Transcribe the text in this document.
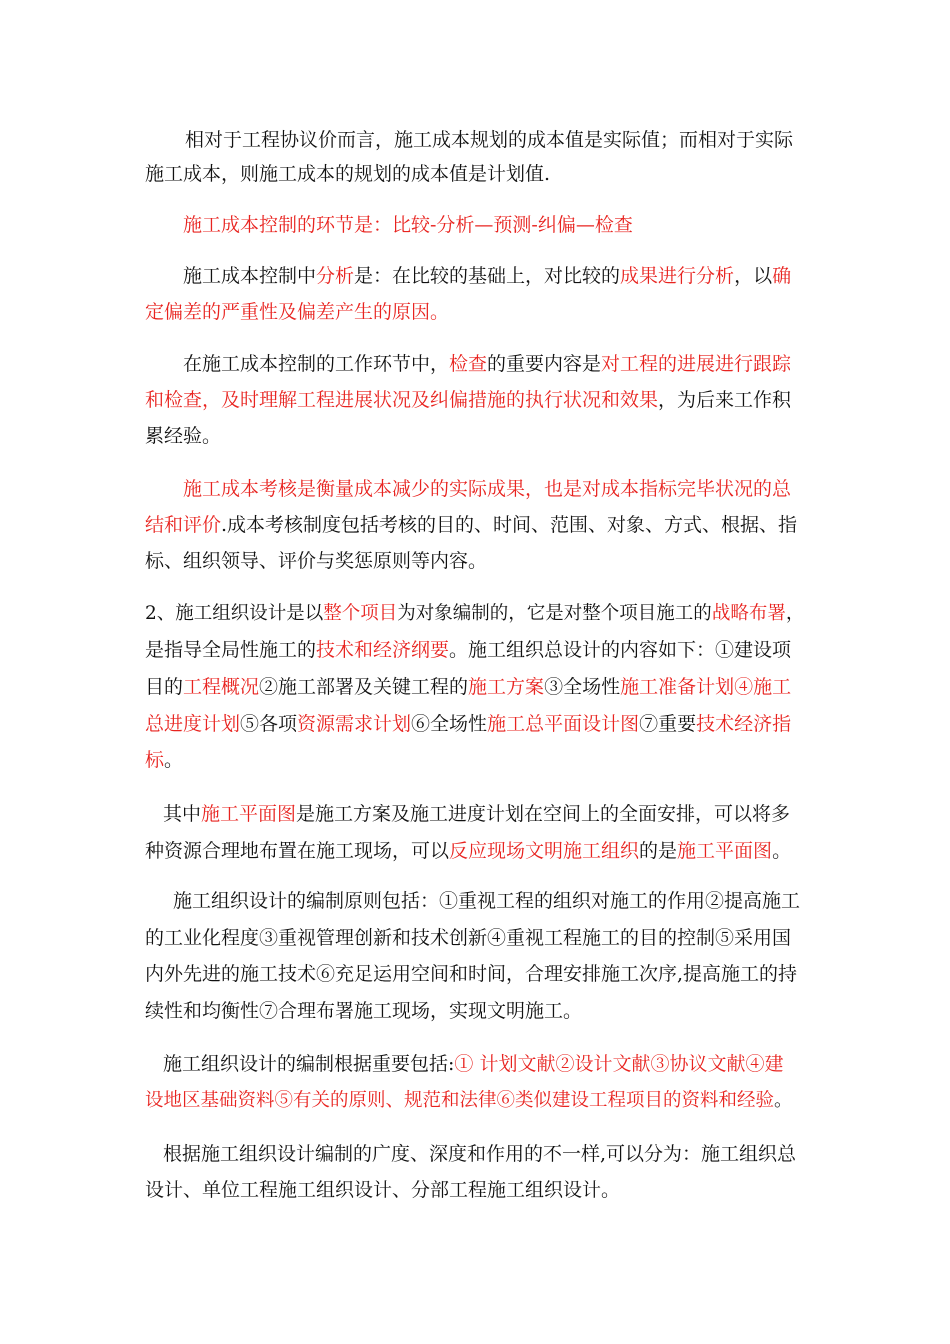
相对于工程协议价而言，施工成本规划的成本值是实际值；而相对于实际
施工成本，则施工成本的规划的成本值是计划值.
施工成本控制的环节是：比较-分析—预测-纠偏—检查
施工成本控制中分析是：在比较的基础上，对比较的成果进行分析，以确
定偏差的严重性及偏差产生的原因。
在施工成本控制的工作环节中，检查的重要内容是对工程的进展进行跟踪
和检查，及时理解工程进展状况及纠偏措施的执行状况和效果，为后来工作积
累经验。
施工成本考核是衡量成本减少的实际成果，也是对成本指标完毕状况的总
结和评价.成本考核制度包括考核的目的、时间、范围、对象、方式、根据、指
标、组织领导、评价与奖惩原则等内容。
2、施工组织设计是以整个项目为对象编制的，它是对整个项目施工的战略布署，
是指导全局性施工的技术和经济纲要。施工组织总设计的内容如下：①建设项
目的工程概况②施工部署及关键工程的施工方案③全场性施工准备计划④施工
总进度计划⑤各项资源需求计划⑥全场性施工总平面设计图⑦重要技术经济指
标。
其中施工平面图是施工方案及施工进度计划在空间上的全面安排，可以将多
种资源合理地布置在施工现场，可以反应现场文明施工组织的是施工平面图。
施工组织设计的编制原则包括：①重视工程的组织对施工的作用②提高施工
的工业化程度③重视管理创新和技术创新④重视工程施工的目的控制⑤采用国
内外先进的施工技术⑥充足运用空间和时间，合理安排施工次序,提高施工的持
续性和均衡性⑦合理布署施工现场，实现文明施工。
施工组织设计的编制根据重要包括:① 计划文献②设计文献③协议文献④建
设地区基础资料⑤有关的原则、规范和法律⑥类似建设工程项目的资料和经验。
根据施工组织设计编制的广度、深度和作用的不一样,可以分为：施工组织总
设计、单位工程施工组织设计、分部工程施工组织设计。
